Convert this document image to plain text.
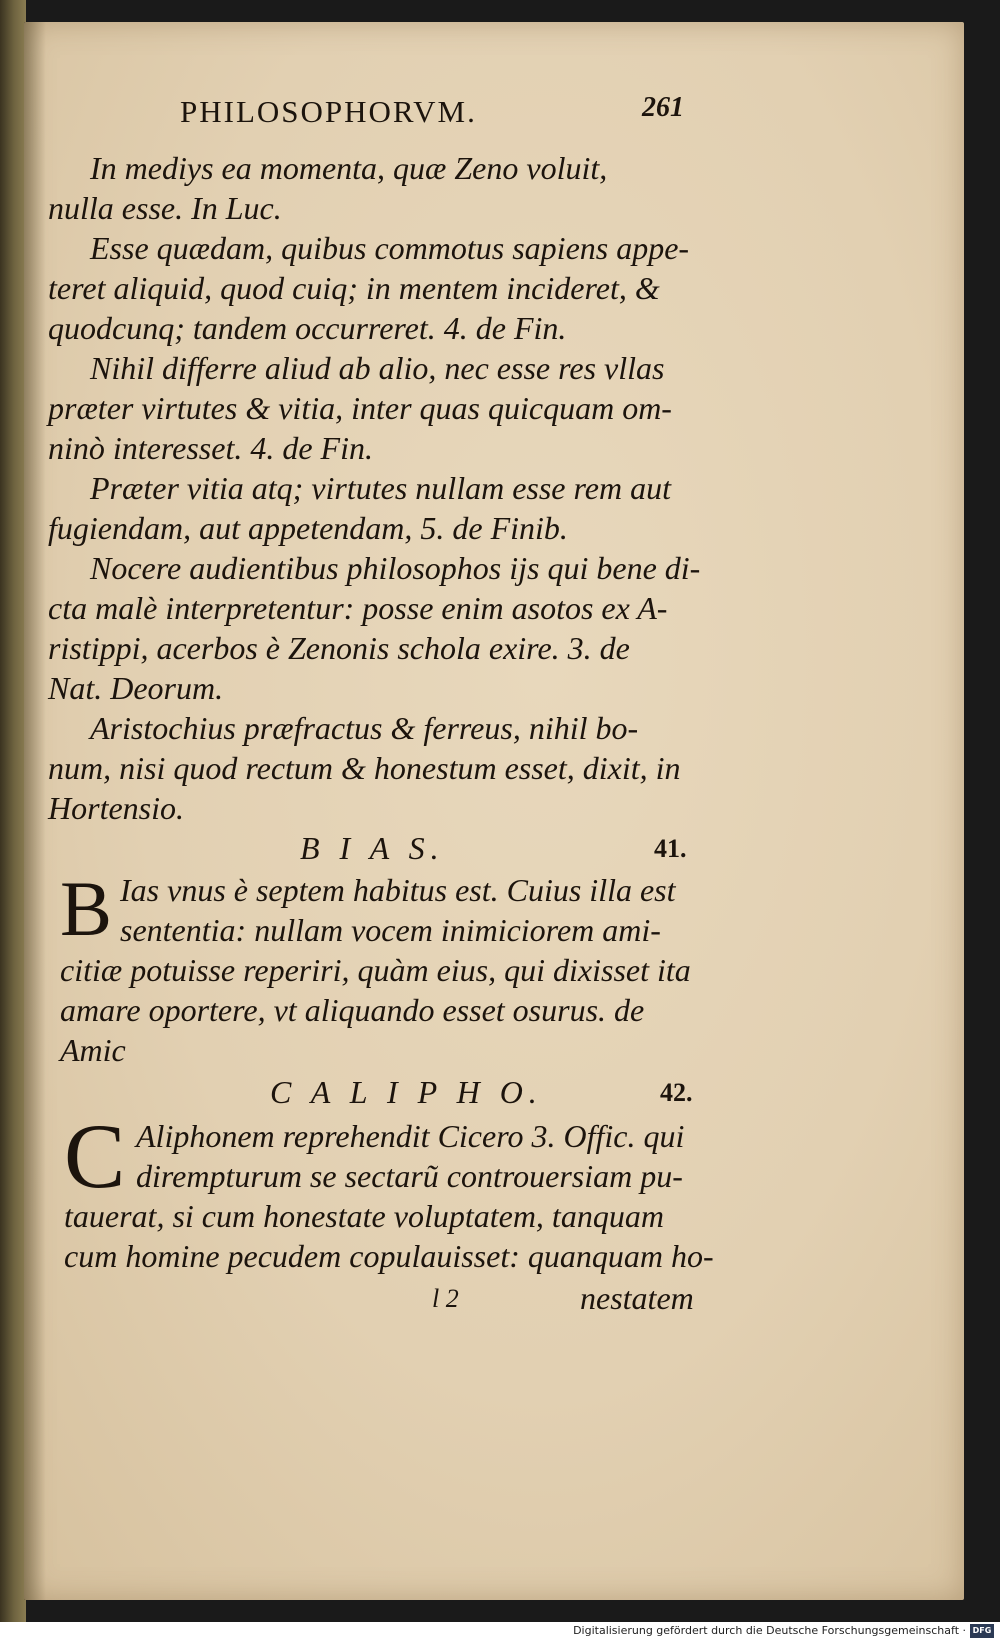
PHILOSOPHORVM.	261
In mediys ea momenta, quæ Zeno voluit,
nulla esse. In Luc.
Esse quædam, quibus commotus sapiens appe-
teret aliquid, quod cuiq; in mentem incideret, &
quodcunq; tandem occurreret. 4. de Fin.
Nihil differre aliud ab alio, nec esse res vllas
præter virtutes & vitia, inter quas quicquam om-
ninò interesset. 4. de Fin.
Præter vitia atq; virtutes nullam esse rem aut
fugiendam, aut appetendam, 5. de Finib.
Nocere audientibus philosophos ijs qui bene di-
cta malè interpretentur: posse enim asotos ex A-
ristippi, acerbos è Zenonis schola exire. 3. de
Nat. Deorum.
Aristochius præfractus & ferreus, nihil bo-
num, nisi quod rectum & honestum esset, dixit, in
Hortensio.
B I A S.	41.
B Ias vnus è septem habitus est. Cuius illa est
sententia: nullam vocem inimiciorem ami-
citiæ potuisse reperiri, quàm eius, qui dixisset ita
amare oportere, vt aliquando esset osurus. de
Amic
C A L I P H O.	42.
C Aliphonem reprehendit Cicero 3. Offic. qui
dirempturum se sectarũ controuersiam pu-
tauerat, si cum honestate voluptatem, tanquam
cum homine pecudem copulauisset: quanquam ho-
l 2	nestatem
Digitalisierung gefördert durch die Deutsche Forschungsgemeinschaft · DFG
